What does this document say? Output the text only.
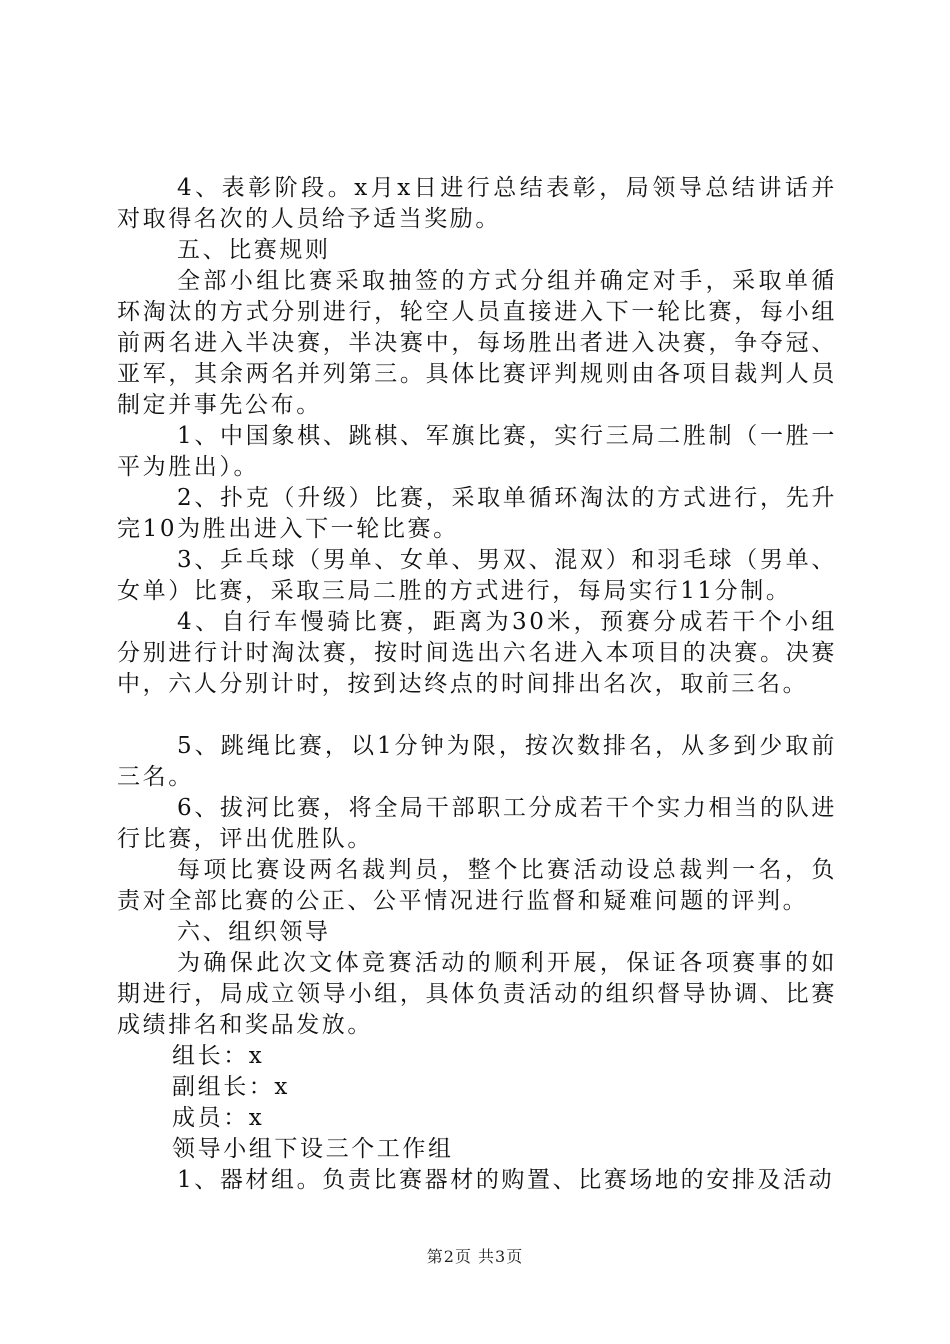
4、表彰阶段。x月x日进行总结表彰，局领导总结讲话并对取得名次的人员给予适当奖励。

五、比赛规则

全部小组比赛采取抽签的方式分组并确定对手，采取单循环淘汰的方式分别进行，轮空人员直接进入下一轮比赛，每小组前两名进入半决赛，半决赛中，每场胜出者进入决赛，争夺冠、亚军，其余两名并列第三。具体比赛评判规则由各项目裁判人员制定并事先公布。

1、中国象棋、跳棋、军旗比赛，实行三局二胜制（一胜一平为胜出）。

2、扑克（升级）比赛，采取单循环淘汰的方式进行，先升完10为胜出进入下一轮比赛。

3、乒乓球（男单、女单、男双、混双）和羽毛球（男单、女单）比赛，采取三局二胜的方式进行，每局实行11分制。

4、自行车慢骑比赛，距离为30米，预赛分成若干个小组分别进行计时淘汰赛，按时间选出六名进入本项目的决赛。决赛中，六人分别计时，按到达终点的时间排出名次，取前三名。

5、跳绳比赛，以1分钟为限，按次数排名，从多到少取前三名。

6、拔河比赛，将全局干部职工分成若干个实力相当的队进行比赛，评出优胜队。

每项比赛设两名裁判员，整个比赛活动设总裁判一名，负责对全部比赛的公正、公平情况进行监督和疑难问题的评判。

六、组织领导

为确保此次文体竞赛活动的顺利开展，保证各项赛事的如期进行，局成立领导小组，具体负责活动的组织督导协调、比赛成绩排名和奖品发放。

组长：x

副组长：x

成员：x

领导小组下设三个工作组

1、器材组。负责比赛器材的购置、比赛场地的安排及活动

第2页 共3页
